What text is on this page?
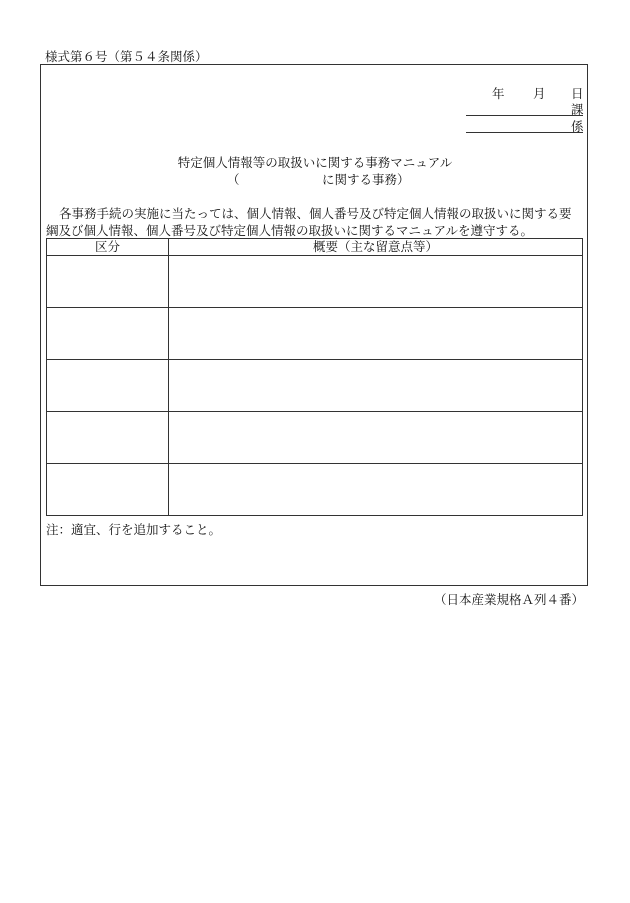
様式第６号（第５４条関係）
年 月 日
課
係
特定個人情報等の取扱いに関する事務マニュアル
（	に関する事務）
各事務手続の実施に当たっては、個人情報、個人番号及び特定個人情報の取扱いに関する要
綱及び個人情報、個人番号及び特定個人情報の取扱いに関するマニュアルを遵守する。
区分	概要（主な留意点等）

注：適宜、行を追加すること。
（日本産業規格Ａ列４番）
